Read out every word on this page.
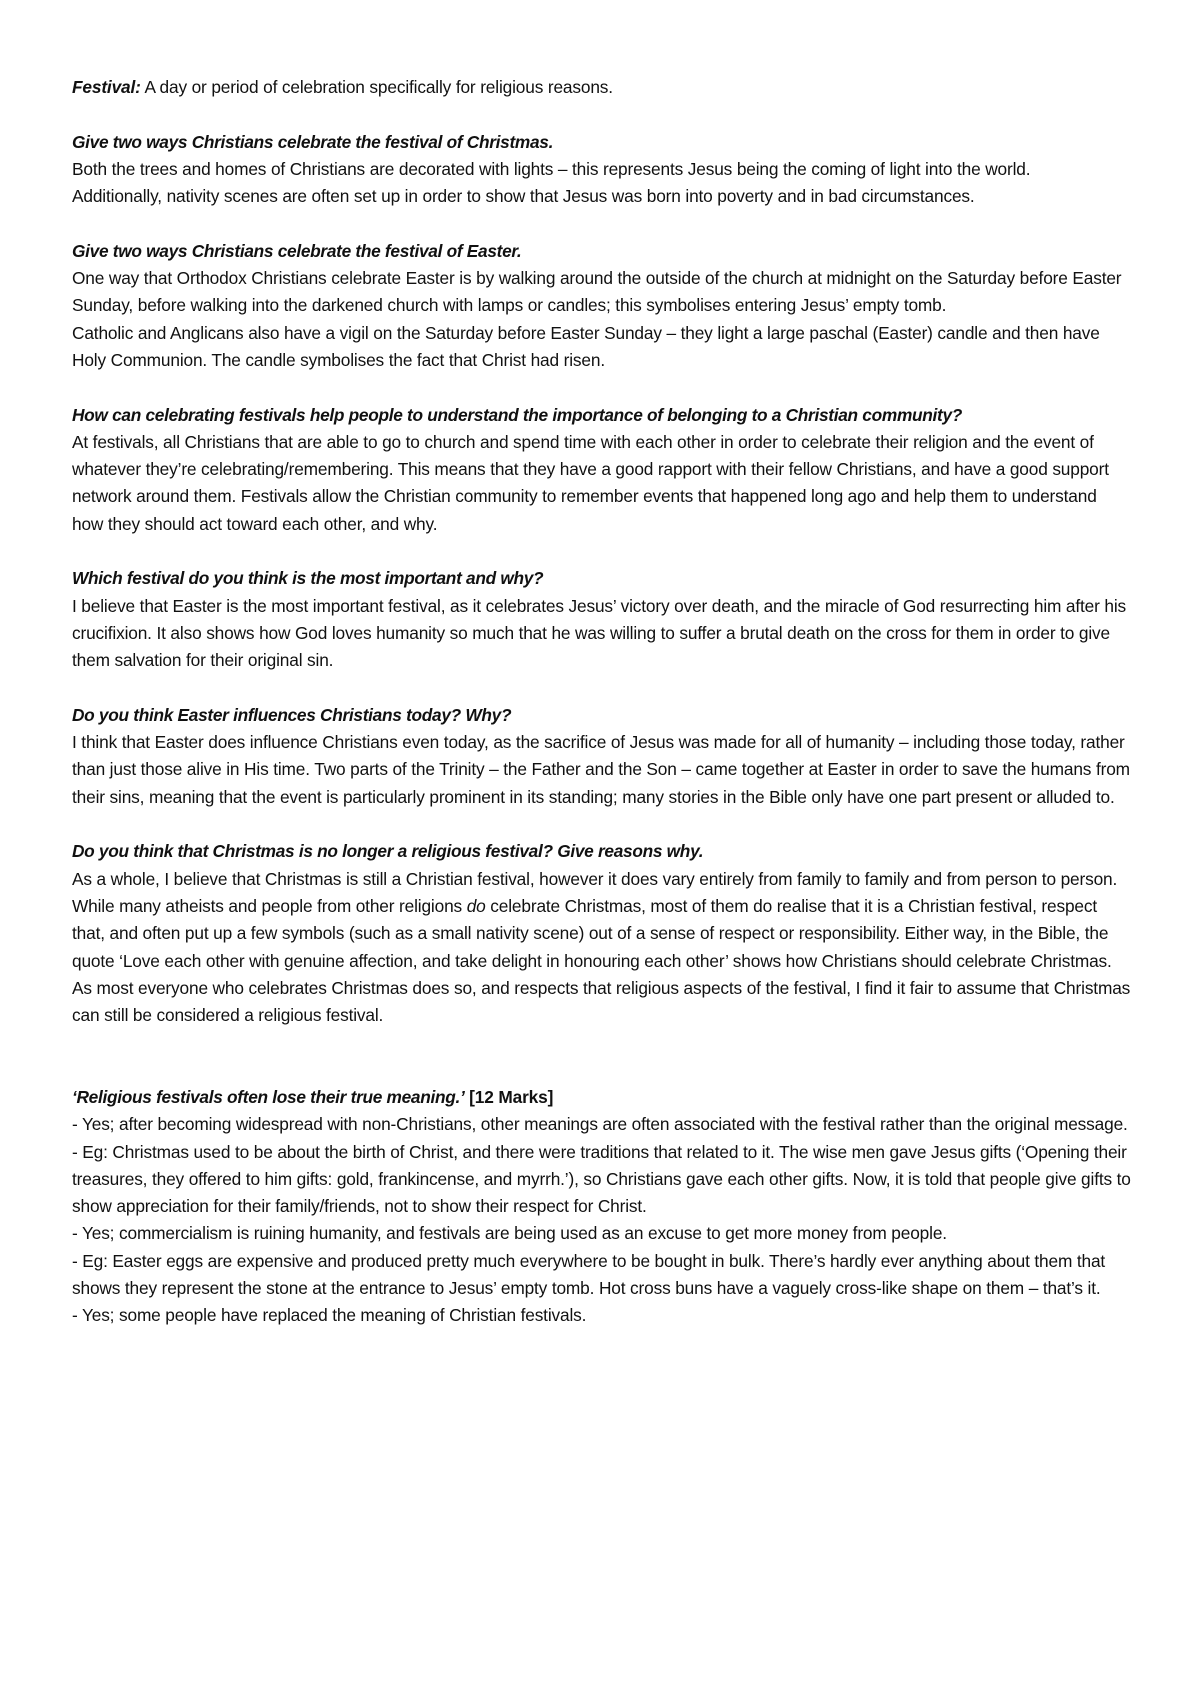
Festival: A day or period of celebration specifically for religious reasons.

Give two ways Christians celebrate the festival of Christmas.

Both the trees and homes of Christians are decorated with lights – this represents Jesus being the coming of light into the world.

Additionally, nativity scenes are often set up in order to show that Jesus was born into poverty and in bad circumstances.

Give two ways Christians celebrate the festival of Easter.

One way that Orthodox Christians celebrate Easter is by walking around the outside of the church at midnight on the Saturday before Easter Sunday, before walking into the darkened church with lamps or candles; this symbolises entering Jesus’ empty tomb.

Catholic and Anglicans also have a vigil on the Saturday before Easter Sunday – they light a large paschal (Easter) candle and then have Holy Communion. The candle symbolises the fact that Christ had risen.

How can celebrating festivals help people to understand the importance of belonging to a Christian community?

At festivals, all Christians that are able to go to church and spend time with each other in order to celebrate their religion and the event of whatever they’re celebrating/remembering. This means that they have a good rapport with their fellow Christians, and have a good support network around them. Festivals allow the Christian community to remember events that happened long ago and help them to understand how they should act toward each other, and why.

Which festival do you think is the most important and why?

I believe that Easter is the most important festival, as it celebrates Jesus’ victory over death, and the miracle of God resurrecting him after his crucifixion. It also shows how God loves humanity so much that he was willing to suffer a brutal death on the cross for them in order to give them salvation for their original sin.

Do you think Easter influences Christians today? Why?

I think that Easter does influence Christians even today, as the sacrifice of Jesus was made for all of humanity – including those today, rather than just those alive in His time. Two parts of the Trinity – the Father and the Son – came together at Easter in order to save the humans from their sins, meaning that the event is particularly prominent in its standing; many stories in the Bible only have one part present or alluded to.

Do you think that Christmas is no longer a religious festival? Give reasons why.

As a whole, I believe that Christmas is still a Christian festival, however it does vary entirely from family to family and from person to person. While many atheists and people from other religions do celebrate Christmas, most of them do realise that it is a Christian festival, respect that, and often put up a few symbols (such as a small nativity scene) out of a sense of respect or responsibility. Either way, in the Bible, the quote ‘Love each other with genuine affection, and take delight in honouring each other’ shows how Christians should celebrate Christmas. As most everyone who celebrates Christmas does so, and respects that religious aspects of the festival, I find it fair to assume that Christmas can still be considered a religious festival.

‘Religious festivals often lose their true meaning.’ [12 Marks]

- Yes; after becoming widespread with non-Christians, other meanings are often associated with the festival rather than the original message.

- Eg: Christmas used to be about the birth of Christ, and there were traditions that related to it. The wise men gave Jesus gifts (‘Opening their treasures, they offered to him gifts: gold, frankincense, and myrrh.’), so Christians gave each other gifts. Now, it is told that people give gifts to show appreciation for their family/friends, not to show their respect for Christ.

- Yes; commercialism is ruining humanity, and festivals are being used as an excuse to get more money from people.

- Eg: Easter eggs are expensive and produced pretty much everywhere to be bought in bulk. There’s hardly ever anything about them that shows they represent the stone at the entrance to Jesus’ empty tomb. Hot cross buns have a vaguely cross-like shape on them – that’s it.

- Yes; some people have replaced the meaning of Christian festivals.
